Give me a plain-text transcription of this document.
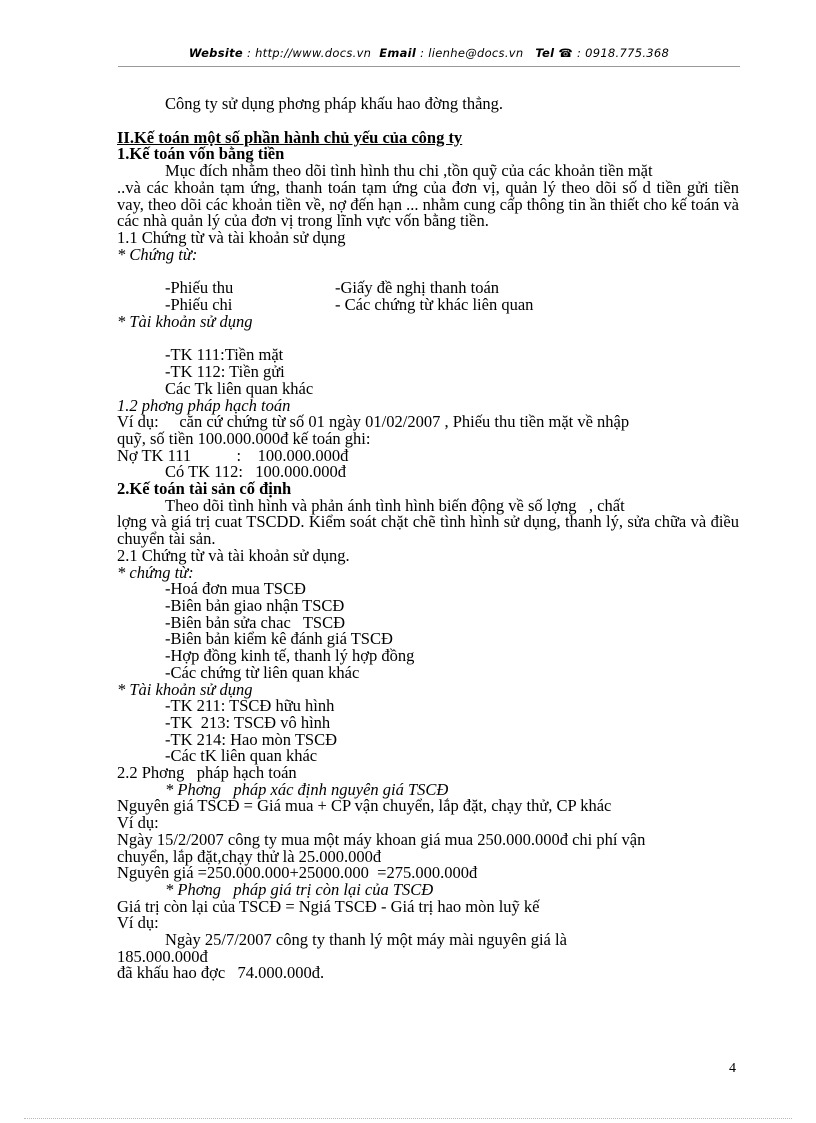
Website : http://www.docs.vn Email : lienhe@docs.vn Tel ☎ : 0918.775.368

Công ty sử dụng phơng pháp khấu hao đờng thẳng.

II.Kế toán một số phần hành chủ yếu của công ty

1.Kế toán vốn bằng tiền

Mục đích nhằm theo dõi tình hình thu chi ,tồn quỹ của các khoản tiền mặt

..và các khoản tạm ứng, thanh toán tạm ứng của đơn vị, quản lý theo dõi số d tiền gửi tiền vay, theo dõi các khoản tiền về, nợ đến hạn ... nhằm cung cấp thông tin ần thiết cho kế toán và các nhà quản lý của đơn vị trong lĩnh vực vốn bằng tiền.

1.1 Chứng từ và tài khoản sử dụng

* Chứng từ:

-Phiếu thu	-Giấy đề nghị thanh toán
-Phiếu chi	- Các chứng từ khác liên quan

* Tài khoản sử dụng

-TK 111:Tiền mặt

-TK 112: Tiền gửi

Các Tk liên quan khác

1.2 phơng pháp hạch toán

Ví dụ:     căn cứ chứng từ số 01 ngày 01/02/2007 , Phiếu thu tiền mặt về nhập

quỹ, số tiền 100.000.000đ kế toán ghi:

Nợ TK 111           :    100.000.000đ

Có TK 112:   100.000.000đ

2.Kế toán tài sản cố định

Theo dõi tình hình và phản ánh tình hình biến động về số lợng   , chất

lợng và giá trị cuat TSCDD. Kiểm soát chặt chẽ tình hình sử dụng, thanh lý, sửa chữa và điều chuyển tài sản.

2.1 Chứng từ và tài khoản sử dụng.

* chứng từ:

-Hoá đơn mua TSCĐ

-Biên bản giao nhận TSCĐ

-Biên bản sửa chac   TSCĐ

-Biên bản kiểm kê đánh giá TSCĐ

-Hợp đồng kinh tế, thanh lý hợp đồng

-Các chứng từ liên quan khác

* Tài khoản sử dụng

-TK 211: TSCĐ hữu hình

-TK  213: TSCĐ vô hình

-TK 214: Hao mòn TSCĐ

-Các tK liên quan khác

2.2 Phơng   pháp hạch toán

* Phơng   pháp xác định nguyên giá TSCĐ

Nguyên giá TSCĐ = Giá mua + CP vận chuyển, lắp đặt, chạy thử, CP khác

Ví dụ:

Ngày 15/2/2007 công ty mua một máy khoan giá mua 250.000.000đ chi phí vận

chuyển, lắp đặt,chạy thử là 25.000.000đ

Nguyên giá =250.000.000+25000.000  =275.000.000đ

* Phơng   pháp giá trị còn lại của TSCĐ

Giá trị còn lại của TSCĐ = Ngiá TSCĐ - Giá trị hao mòn luỹ kế

Ví dụ:

Ngày 25/7/2007 công ty thanh lý một máy mài nguyên giá là

185.000.000đ

đã khấu hao đợc   74.000.000đ.

4
